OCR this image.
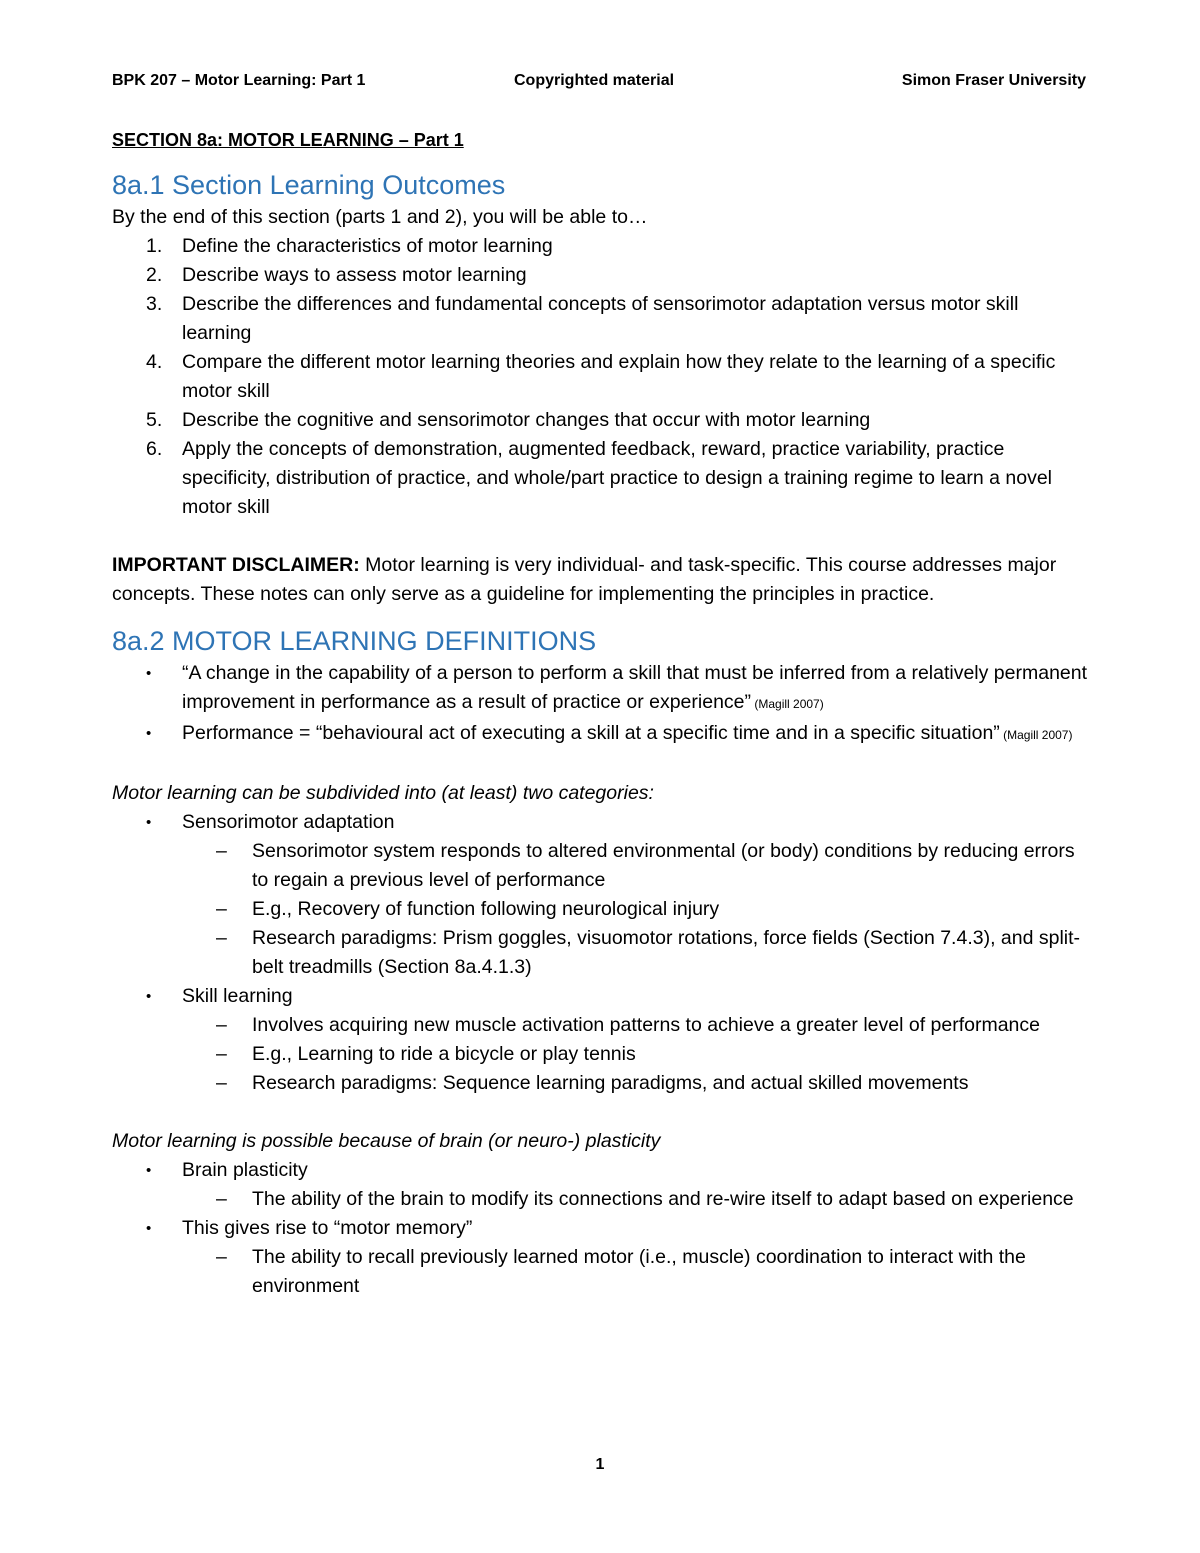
BPK 207 – Motor Learning: Part 1	Copyrighted material	Simon Fraser University
SECTION 8a: MOTOR LEARNING – Part 1
8a.1 Section Learning Outcomes

By the end of this section (parts 1 and 2), you will be able to…

1. Define the characteristics of motor learning
2. Describe ways to assess motor learning
3. Describe the differences and fundamental concepts of sensorimotor adaptation versus motor skill learning
4. Compare the different motor learning theories and explain how they relate to the learning of a specific motor skill
5. Describe the cognitive and sensorimotor changes that occur with motor learning
6. Apply the concepts of demonstration, augmented feedback, reward, practice variability, practice specificity, distribution of practice, and whole/part practice to design a training regime to learn a novel motor skill

IMPORTANT DISCLAIMER: Motor learning is very individual- and task-specific. This course addresses major concepts. These notes can only serve as a guideline for implementing the principles in practice.

8a.2 MOTOR LEARNING DEFINITIONS
• “A change in the capability of a person to perform a skill that must be inferred from a relatively permanent improvement in performance as a result of practice or experience” (Magill 2007)
• Performance = “behavioural act of executing a skill at a specific time and in a specific situation” (Magill 2007)

Motor learning can be subdivided into (at least) two categories:

• Sensorimotor adaptation
– Sensorimotor system responds to altered environmental (or body) conditions by reducing errors to regain a previous level of performance
– E.g., Recovery of function following neurological injury
– Research paradigms: Prism goggles, visuomotor rotations, force fields (Section 7.4.3), and split-belt treadmills (Section 8a.4.1.3)
• Skill learning
– Involves acquiring new muscle activation patterns to achieve a greater level of performance
– E.g., Learning to ride a bicycle or play tennis
– Research paradigms: Sequence learning paradigms, and actual skilled movements

Motor learning is possible because of brain (or neuro-) plasticity

• Brain plasticity
– The ability of the brain to modify its connections and re-wire itself to adapt based on experience
• This gives rise to “motor memory”
– The ability to recall previously learned motor (i.e., muscle) coordination to interact with the environment
1
